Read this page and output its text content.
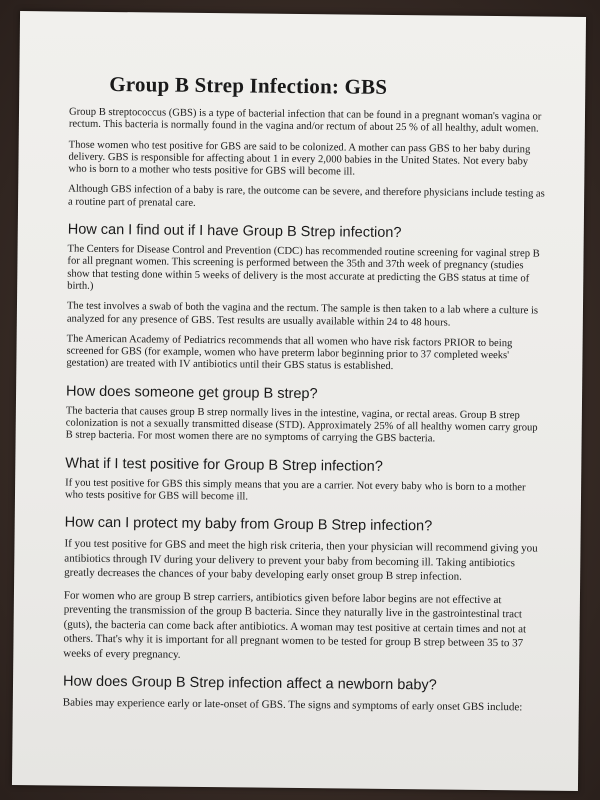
Group B Strep Infection: GBS

Group B streptococcus (GBS) is a type of bacterial infection that can be found in a pregnant woman's vagina or rectum. This bacteria is normally found in the vagina and/or rectum of about 25 % of all healthy, adult women.

Those women who test positive for GBS are said to be colonized. A mother can pass GBS to her baby during delivery. GBS is responsible for affecting about 1 in every 2,000 babies in the United States. Not every baby who is born to a mother who tests positive for GBS will become ill.

Although GBS infection of a baby is rare, the outcome can be severe, and therefore physicians include testing as a routine part of prenatal care.

How can I find out if I have Group B Strep infection?

The Centers for Disease Control and Prevention (CDC) has recommended routine screening for vaginal strep B for all pregnant women. This screening is performed between the 35th and 37th week of pregnancy (studies show that testing done within 5 weeks of delivery is the most accurate at predicting the GBS status at time of birth.)

The test involves a swab of both the vagina and the rectum. The sample is then taken to a lab where a culture is analyzed for any presence of GBS. Test results are usually available within 24 to 48 hours.

The American Academy of Pediatrics recommends that all women who have risk factors PRIOR to being screened for GBS (for example, women who have preterm labor beginning prior to 37 completed weeks' gestation) are treated with IV antibiotics until their GBS status is established.

How does someone get group B strep?

The bacteria that causes group B strep normally lives in the intestine, vagina, or rectal areas. Group B strep colonization is not a sexually transmitted disease (STD). Approximately 25% of all healthy women carry group B strep bacteria. For most women there are no symptoms of carrying the GBS bacteria.

What if I test positive for Group B Strep infection?

If you test positive for GBS this simply means that you are a carrier. Not every baby who is born to a mother who tests positive for GBS will become ill.

How can I protect my baby from Group B Strep infection?

If you test positive for GBS and meet the high risk criteria, then your physician will recommend giving you antibiotics through IV during your delivery to prevent your baby from becoming ill. Taking antibiotics greatly decreases the chances of your baby developing early onset group B strep infection.

For women who are group B strep carriers, antibiotics given before labor begins are not effective at preventing the transmission of the group B bacteria. Since they naturally live in the gastrointestinal tract (guts), the bacteria can come back after antibiotics. A woman may test positive at certain times and not at others. That's why it is important for all pregnant women to be tested for group B strep between 35 to 37 weeks of every pregnancy.

How does Group B Strep infection affect a newborn baby?

Babies may experience early or late-onset of GBS. The signs and symptoms of early onset GBS include:
